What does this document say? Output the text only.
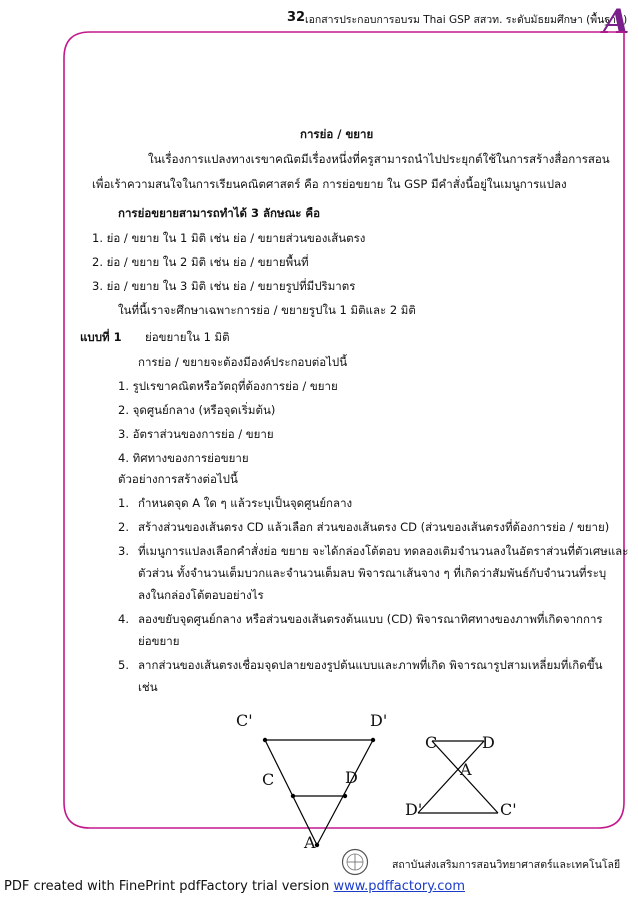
32 เอกสารประกอบการอบรม Thai GSP สสวท. ระดับมัธยมศึกษา (พื้นฐาน)
A
การย่อ / ขยาย
ในเรื่องการแปลงทางเรขาคณิตมีเรื่องหนึ่งที่ครูสามารถนำไปประยุกต์ใช้ในการสร้างสื่อการสอน
เพื่อเร้าความสนใจในการเรียนคณิตศาสตร์ คือ การย่อขยาย ใน GSP มีคำสั่งนี้อยู่ในเมนูการแปลง
การย่อขยายสามารถทำได้ 3 ลักษณะ คือ
1. ย่อ / ขยาย ใน 1 มิติ เช่น ย่อ / ขยายส่วนของเส้นตรง
2. ย่อ / ขยาย ใน 2 มิติ เช่น ย่อ / ขยายพื้นที่
3. ย่อ / ขยาย ใน 3 มิติ เช่น ย่อ / ขยายรูปที่มีปริมาตร
ในที่นี้เราจะศึกษาเฉพาะการย่อ / ขยายรูปใน 1 มิติและ 2 มิติ
แบบที่ 1 ย่อขยายใน 1 มิติ
การย่อ / ขยายจะต้องมีองค์ประกอบต่อไปนี้
1. รูปเรขาคณิตหรือวัตถุที่ต้องการย่อ / ขยาย
2. จุดศูนย์กลาง (หรือจุดเริ่มต้น)
3. อัตราส่วนของการย่อ / ขยาย
4. ทิศทางของการย่อขยาย
ตัวอย่างการสร้างต่อไปนี้
1. กำหนดจุด A ใด ๆ แล้วระบุเป็นจุดศูนย์กลาง
2. สร้างส่วนของเส้นตรง CD แล้วเลือก ส่วนของเส้นตรง CD (ส่วนของเส้นตรงที่ต้องการย่อ / ขยาย)
3. ที่เมนูการแปลงเลือกคำสั่งย่อ ขยาย จะได้กล่องโต้ตอบ ทดลองเติมจำนวนลงในอัตราส่วนที่ตัวเศษและ
ตัวส่วน ทั้งจำนวนเต็มบวกและจำนวนเต็มลบ พิจารณาเส้นจาง ๆ ที่เกิดว่าสัมพันธ์กับจำนวนที่ระบุ
ลงในกล่องโต้ตอบอย่างไร
4. ลองขยับจุดศูนย์กลาง หรือส่วนของเส้นตรงต้นแบบ (CD) พิจารณาทิศทางของภาพที่เกิดจากการ
ย่อขยาย
5. ลากส่วนของเส้นตรงเชื่อมจุดปลายของรูปต้นแบบและภาพที่เกิด พิจารณารูปสามเหลี่ยมที่เกิดขึ้น
เช่น
C'	D'
C	D
A
C	D
A
D'	C'
สถาบันส่งเสริมการสอนวิทยาศาสตร์และเทคโนโลยี
PDF created with FinePrint pdfFactory trial version www.pdffactory.com
